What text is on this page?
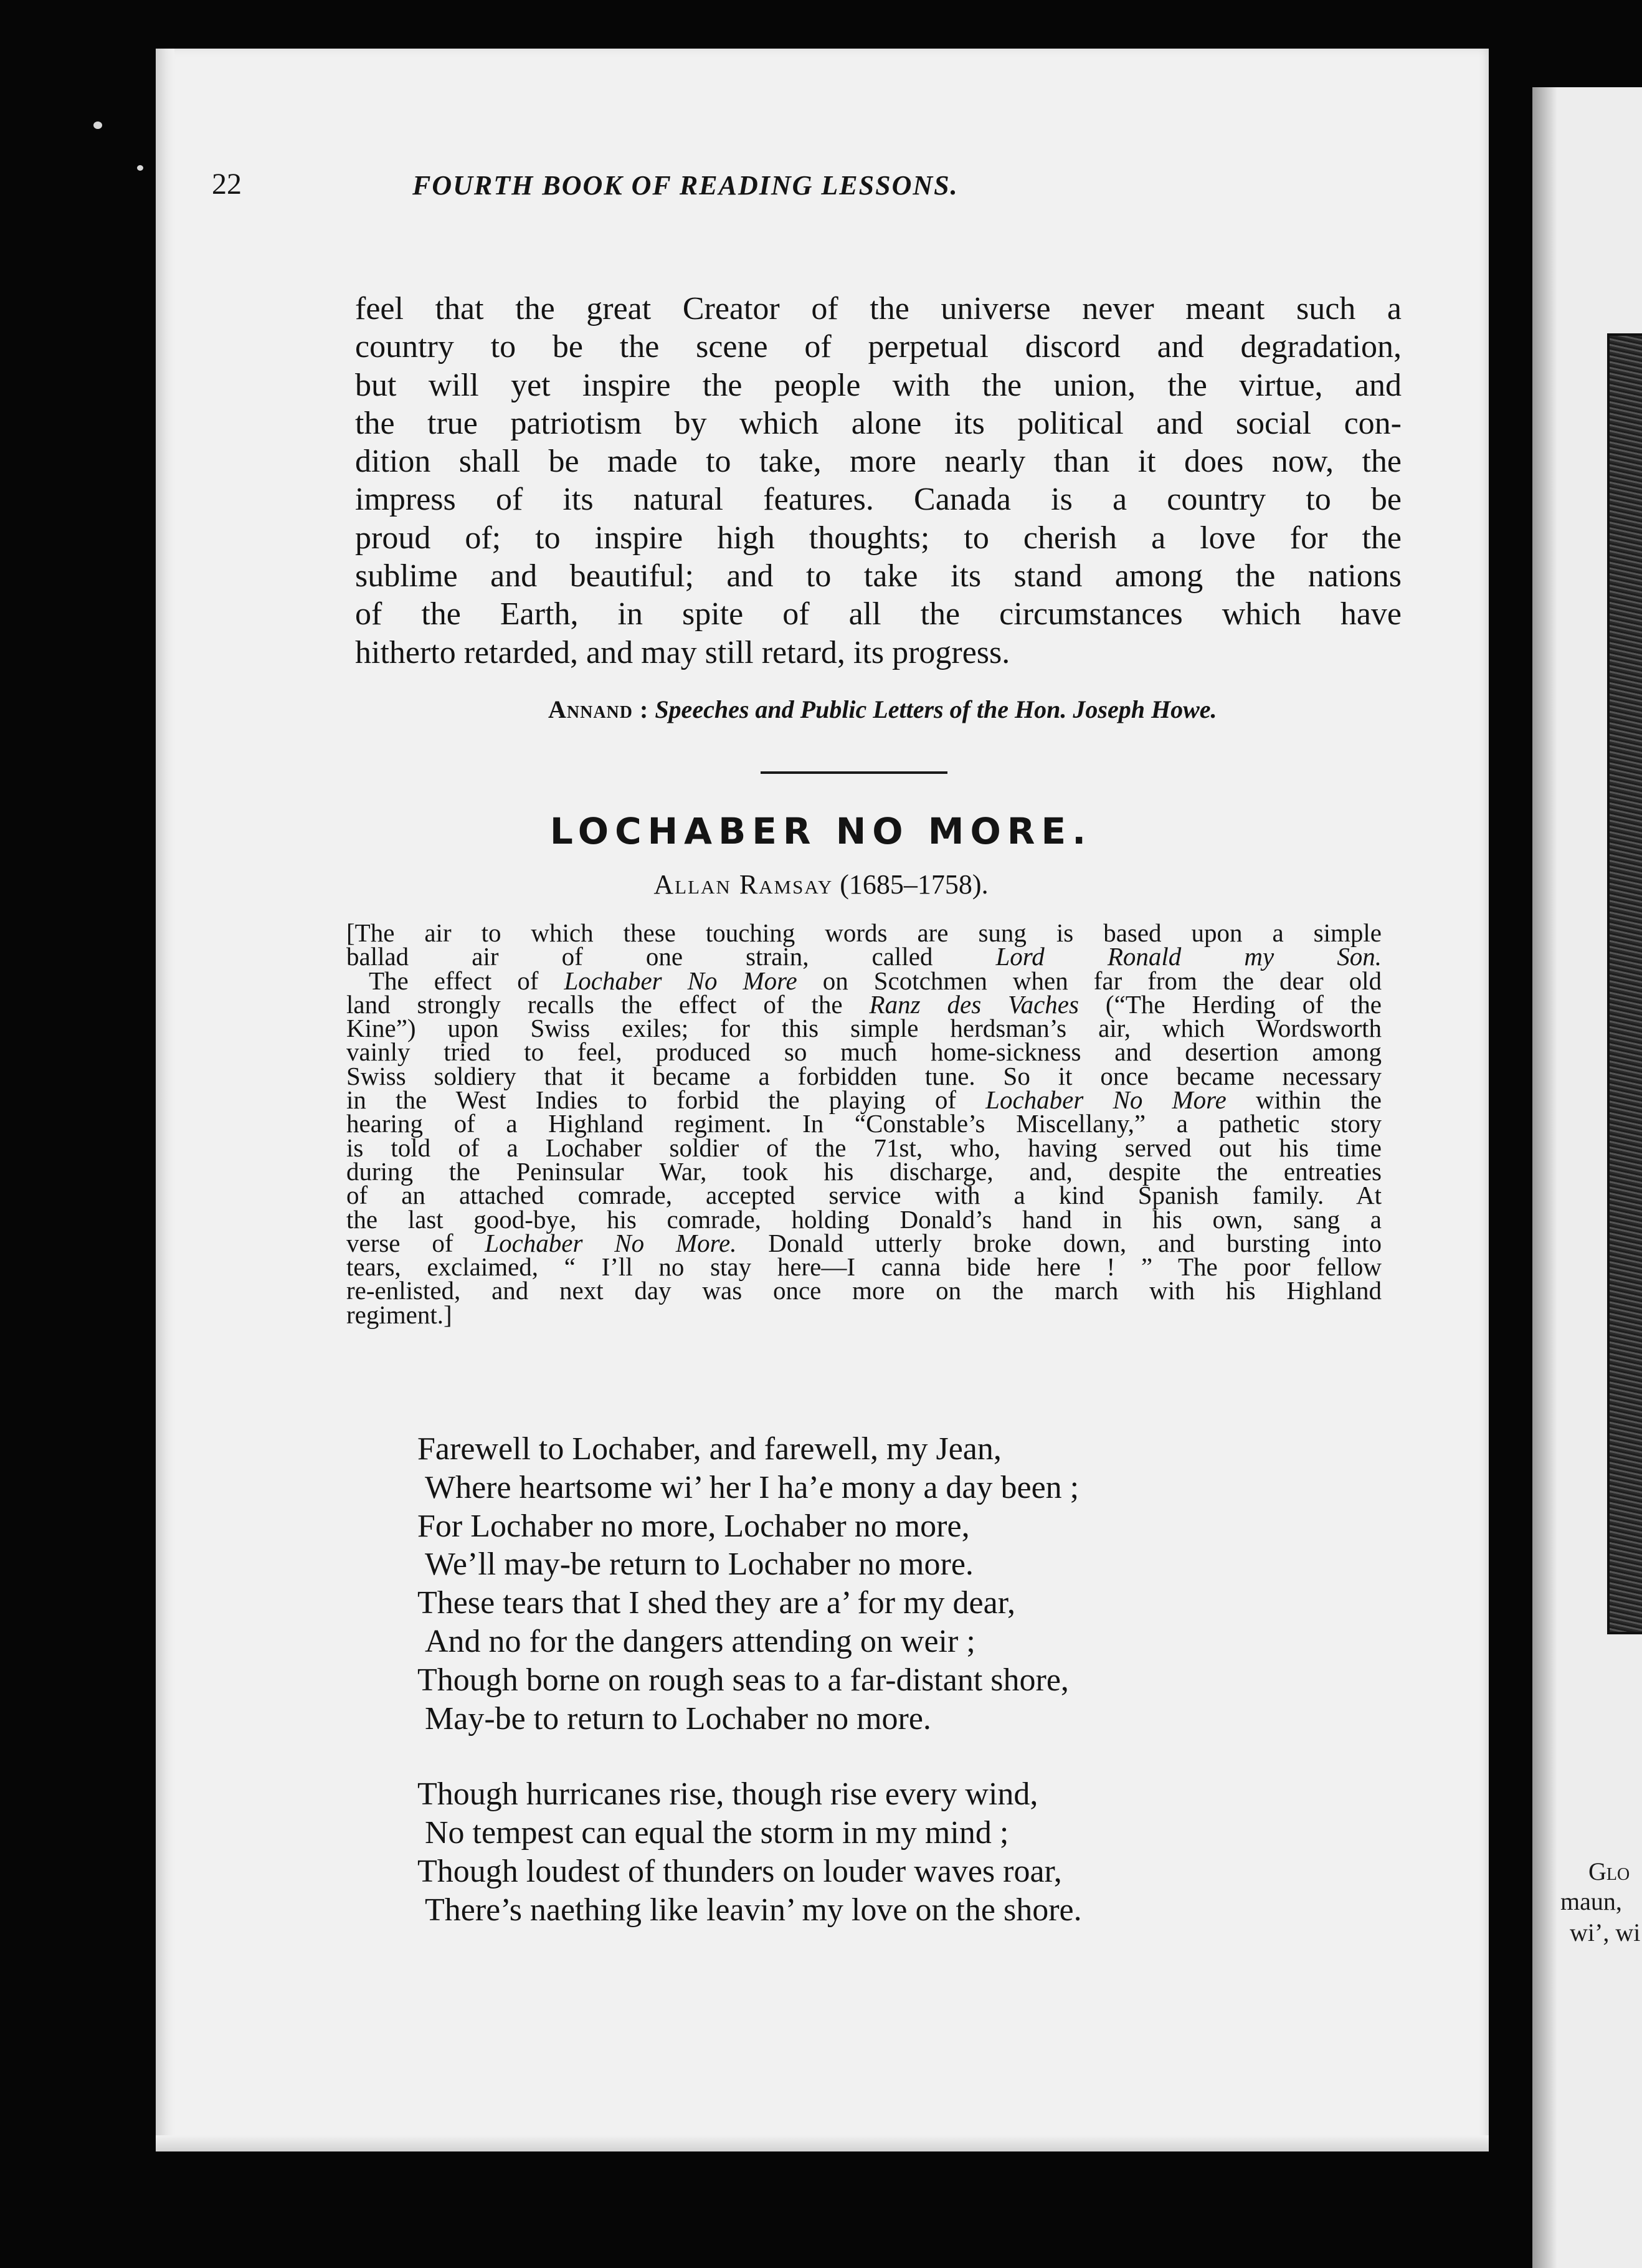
Glo
maun,
wi’, wi
22	FOURTH BOOK OF READING LESSONS.
feel that the great Creator of the universe never meant such a
country to be the scene of perpetual discord and degradation,
but will yet inspire the people with the union, the virtue, and
the true patriotism by which alone its political and social con-
dition shall be made to take, more nearly than it does now, the
impress of its natural features. Canada is a country to be
proud of; to inspire high thoughts; to cherish a love for the
sublime and beautiful; and to take its stand among the nations
of the Earth, in spite of all the circumstances which have
hitherto retarded, and may still retard, its progress.
Annand : Speeches and Public Letters of the Hon. Joseph Howe.
LOCHABER NO MORE.
Allan Ramsay (1685–1758).
[The air to which these touching words are sung is based upon a simple
ballad air of one strain, called Lord Ronald my Son.
The effect of Lochaber No More on Scotchmen when far from the dear old
land strongly recalls the effect of the Ranz des Vaches (“The Herding of the
Kine”) upon Swiss exiles; for this simple herdsman’s air, which Wordsworth
vainly tried to feel, produced so much home-sickness and desertion among
Swiss soldiery that it became a forbidden tune. So it once became necessary
in the West Indies to forbid the playing of Lochaber No More within the
hearing of a Highland regiment. In “Constable’s Miscellany,” a pathetic story
is told of a Lochaber soldier of the 71st, who, having served out his time
during the Peninsular War, took his discharge, and, despite the entreaties
of an attached comrade, accepted service with a kind Spanish family. At
the last good-bye, his comrade, holding Donald’s hand in his own, sang a
verse of Lochaber No More. Donald utterly broke down, and bursting into
tears, exclaimed, “ I’ll no stay here—I canna bide here ! ” The poor fellow
re-enlisted, and next day was once more on the march with his Highland
regiment.]
Farewell to Lochaber, and farewell, my Jean,
Where heartsome wi’ her I ha’e mony a day been ;
For Lochaber no more, Lochaber no more,
We’ll may-be return to Lochaber no more.
These tears that I shed they are a’ for my dear,
And no for the dangers attending on weir ;
Though borne on rough seas to a far-distant shore,
May-be to return to Lochaber no more.
Though hurricanes rise, though rise every wind,
No tempest can equal the storm in my mind ;
Though loudest of thunders on louder waves roar,
There’s naething like leavin’ my love on the shore.
